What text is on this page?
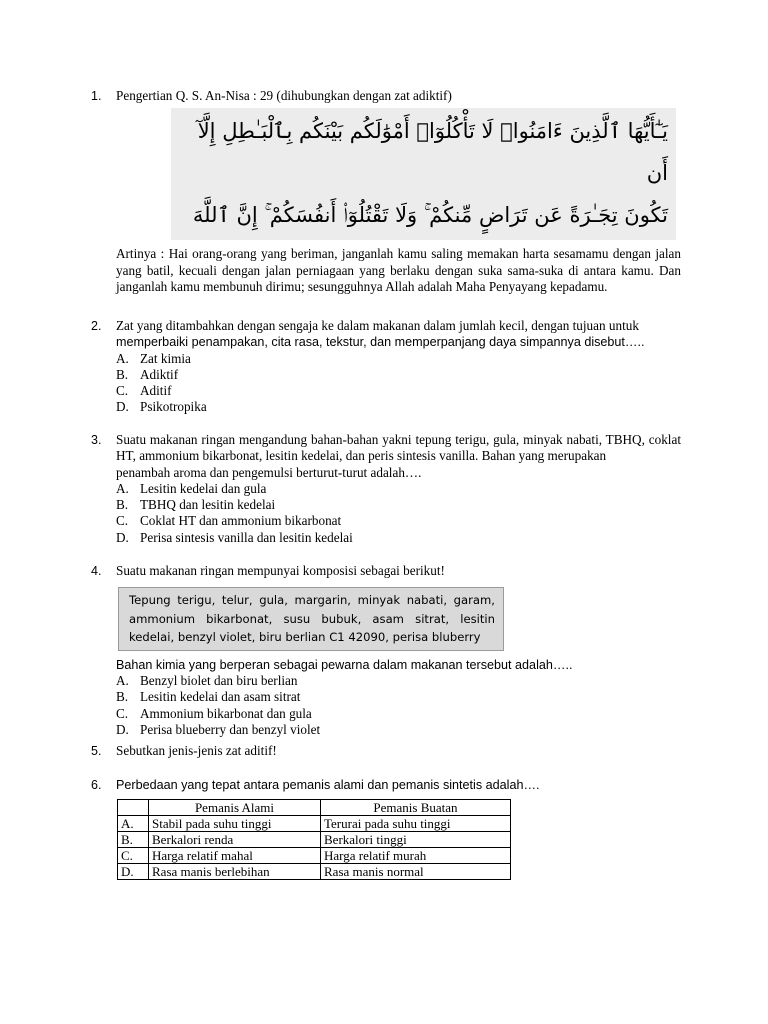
1.	Pengertian Q. S. An-Nisa : 29 (dihubungkan dengan zat adiktif)
يَـٰٓأَيُّهَا ٱلَّذِينَ ءَامَنُوا۟ لَا تَأْكُلُوٓا۟ أَمْوَٰلَكُم بَيْنَكُم بِٱلْبَـٰطِلِ إِلَّآ أَن
تَكُونَ تِجَـٰرَةً عَن تَرَاضٍ مِّنكُمْ ۚ وَلَا تَقْتُلُوٓا۟ أَنفُسَكُمْ ۚ إِنَّ ٱللَّهَ
Artinya : Hai orang-orang yang beriman, janganlah kamu saling memakan harta sesamamu dengan jalan yang batil, kecuali dengan jalan perniagaan yang berlaku dengan suka sama-suka di antara kamu. Dan janganlah kamu membunuh dirimu; sesungguhnya Allah adalah Maha Penyayang kepadamu.
2.	Zat yang ditambahkan dengan sengaja ke dalam makanan dalam jumlah kecil, dengan tujuan untuk
memperbaiki penampakan, cita rasa, tekstur, dan memperpanjang daya simpannya disebut…..
A. Zat kimia
B. Adiktif
C. Aditif
D. Psikotropika
3.	Suatu makanan ringan mengandung bahan-bahan yakni tepung terigu, gula, minyak nabati, TBHQ, coklat HT, ammonium bikarbonat, lesitin kedelai, dan peris sintesis vanilla. Bahan yang merupakan
penambah aroma dan pengemulsi berturut-turut adalah….
A. Lesitin kedelai dan gula
B. TBHQ dan lesitin kedelai
C. Coklat HT dan ammonium bikarbonat
D. Perisa sintesis vanilla dan lesitin kedelai
4.	Suatu makanan ringan mempunyai komposisi sebagai berikut!
Tepung terigu, telur, gula, margarin, minyak nabati, garam, ammonium bikarbonat, susu bubuk, asam sitrat, lesitin kedelai, benzyl violet, biru berlian C1 42090, perisa bluberry
Bahan kimia yang berperan sebagai pewarna dalam makanan tersebut adalah…..
A. Benzyl biolet dan biru berlian
B. Lesitin kedelai dan asam sitrat
C. Ammonium bikarbonat dan gula
D. Perisa blueberry dan benzyl violet
5.	Sebutkan jenis-jenis zat aditif!
6.	Perbedaan yang tepat antara pemanis alami dan pemanis sintetis adalah….
	Pemanis Alami	Pemanis Buatan
A.	Stabil pada suhu tinggi	Terurai pada suhu tinggi
B.	Berkalori renda	Berkalori tinggi
C.	Harga relatif mahal	Harga relatif murah
D.	Rasa manis berlebihan	Rasa manis normal
